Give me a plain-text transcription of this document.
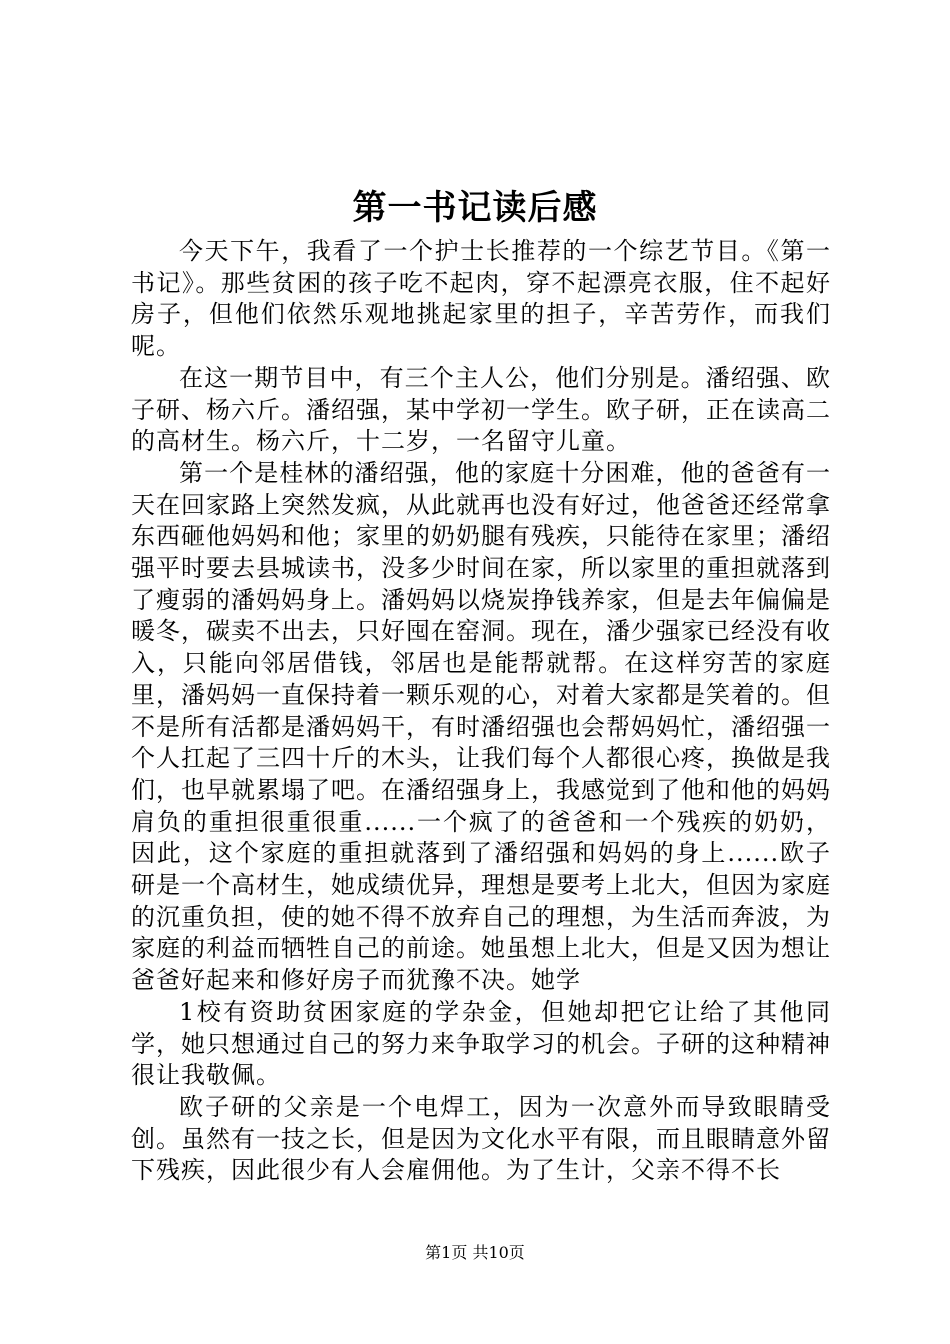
第一书记读后感

今天下午，我看了一个护士长推荐的一个综艺节目。《第一书记》。那些贫困的孩子吃不起肉，穿不起漂亮衣服，住不起好房子，但他们依然乐观地挑起家里的担子，辛苦劳作，而我们呢。

在这一期节目中，有三个主人公，他们分别是。潘绍强、欧子研、杨六斤。潘绍强，某中学初一学生。欧子研，正在读高二的高材生。杨六斤，十二岁，一名留守儿童。

第一个是桂林的潘绍强，他的家庭十分困难，他的爸爸有一天在回家路上突然发疯，从此就再也没有好过，他爸爸还经常拿东西砸他妈妈和他；家里的奶奶腿有残疾，只能待在家里；潘绍强平时要去县城读书，没多少时间在家，所以家里的重担就落到了瘦弱的潘妈妈身上。潘妈妈以烧炭挣钱养家，但是去年偏偏是暖冬，碳卖不出去，只好囤在窑洞。现在，潘少强家已经没有收入，只能向邻居借钱，邻居也是能帮就帮。在这样穷苦的家庭里，潘妈妈一直保持着一颗乐观的心，对着大家都是笑着的。但不是所有活都是潘妈妈干，有时潘绍强也会帮妈妈忙，潘绍强一个人扛起了三四十斤的木头，让我们每个人都很心疼，换做是我们，也早就累塌了吧。在潘绍强身上，我感觉到了他和他的妈妈肩负的重担很重很重......一个疯了的爸爸和一个残疾的奶奶，因此，这个家庭的重担就落到了潘绍强和妈妈的身上......欧子研是一个高材生，她成绩优异，理想是要考上北大，但因为家庭的沉重负担，使的她不得不放弃自己的理想，为生活而奔波，为家庭的利益而牺牲自己的前途。她虽想上北大，但是又因为想让爸爸好起来和修好房子而犹豫不决。她学

1校有资助贫困家庭的学杂金，但她却把它让给了其他同学，她只想通过自己的努力来争取学习的机会。子研的这种精神很让我敬佩。

欧子研的父亲是一个电焊工，因为一次意外而导致眼睛受创。虽然有一技之长，但是因为文化水平有限，而且眼睛意外留下残疾，因此很少有人会雇佣他。为了生计，父亲不得不长

第1页 共10页
